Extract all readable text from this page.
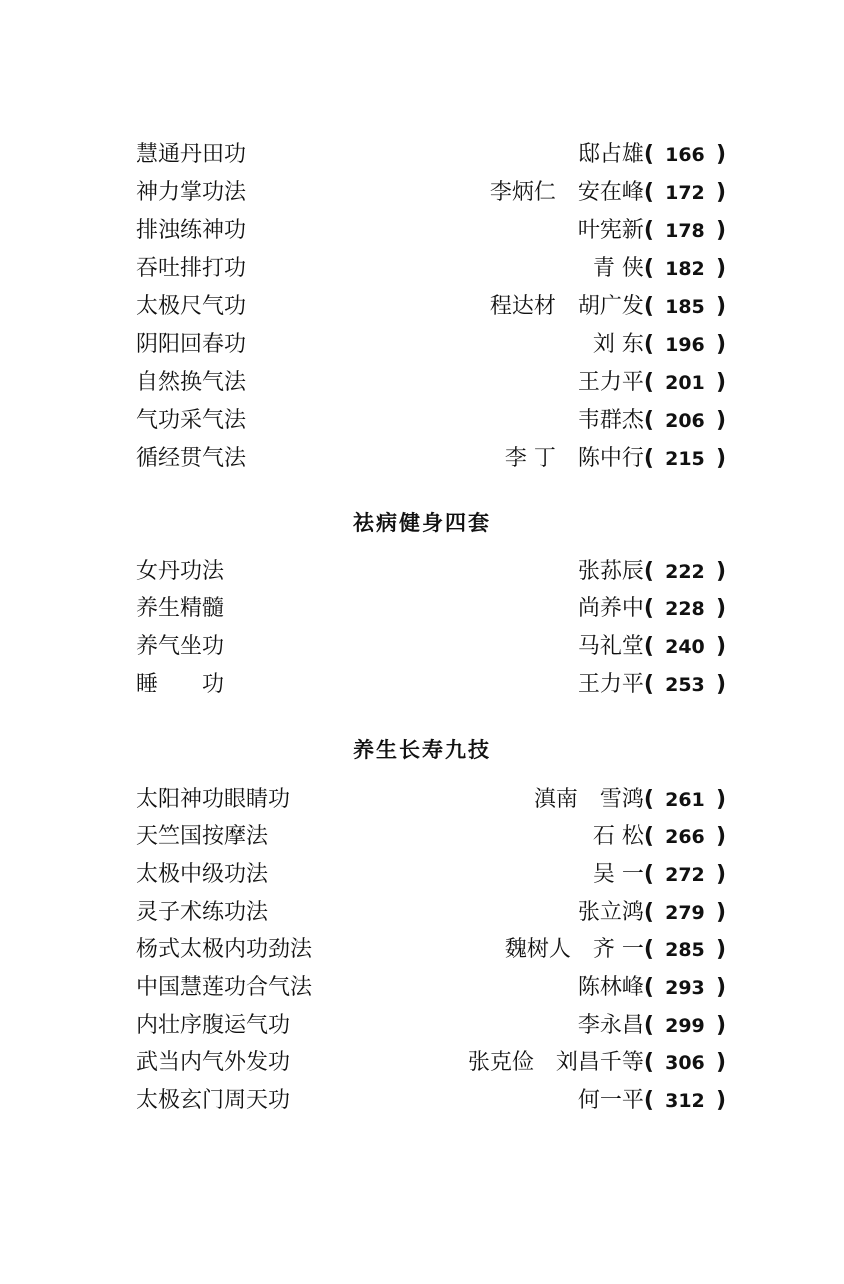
慧通丹田功	邸占雄 ( 166 )
神力掌功法	李炳仁 安在峰 ( 172 )
排浊练神功	叶宪新 ( 178 )
吞吐排打功	青 侠 ( 182 )
太极尺气功	程达材 胡广发 ( 185 )
阴阳回春功	刘 东 ( 196 )
自然换气法	王力平 ( 201 )
气功采气法	韦群杰 ( 206 )
循经贯气法	李 丁 陈中行 ( 215 )
祛病健身四套
女丹功法	张荪辰 ( 222 )
养生精髓	尚养中 ( 228 )
养气坐功	马礼堂 ( 240 )
睡　　功	王力平 ( 253 )
养生长寿九技
太阳神功眼睛功	滇南 雪鸿 ( 261 )
天竺国按摩法	石 松 ( 266 )
太极中级功法	吴 一 ( 272 )
灵子术练功法	张立鸿 ( 279 )
杨式太极内功劲法	魏树人 齐 一 ( 285 )
中国慧莲功合气法	陈林峰 ( 293 )
内壮序腹运气功	李永昌 ( 299 )
武当内气外发功	张克俭 刘昌千等 ( 306 )
太极玄门周天功	何一平 ( 312 )
